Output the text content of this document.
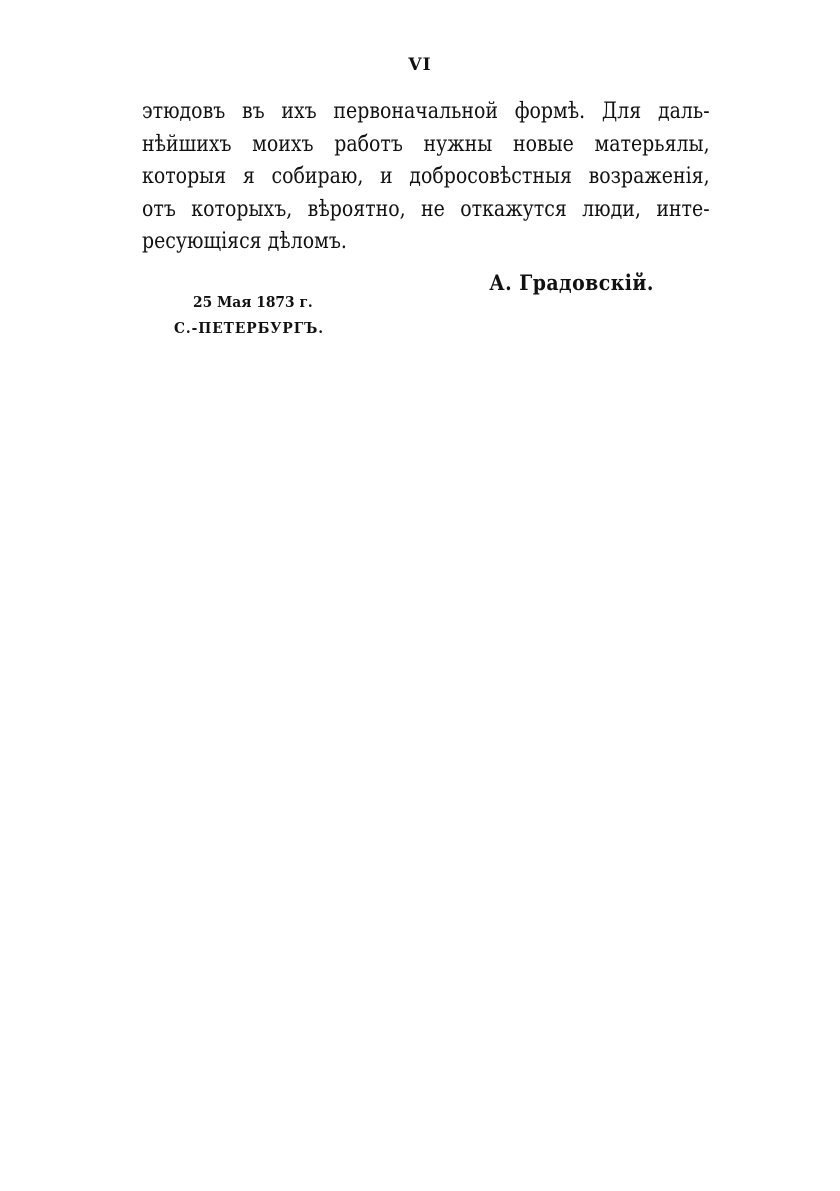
VI
этюдовъ въ ихъ первоначальной формѣ. Для даль-
нѣйшихъ моихъ работъ нужны новые матерьялы,
которыя я собираю, и добросовѣстныя возраженія,
отъ которыхъ, вѣроятно, не откажутся люди, инте-
ресующіяся дѣломъ.
А. Градовскій.
25 Мая 1873 г.
С.-ПЕТЕРБУРГЪ.
